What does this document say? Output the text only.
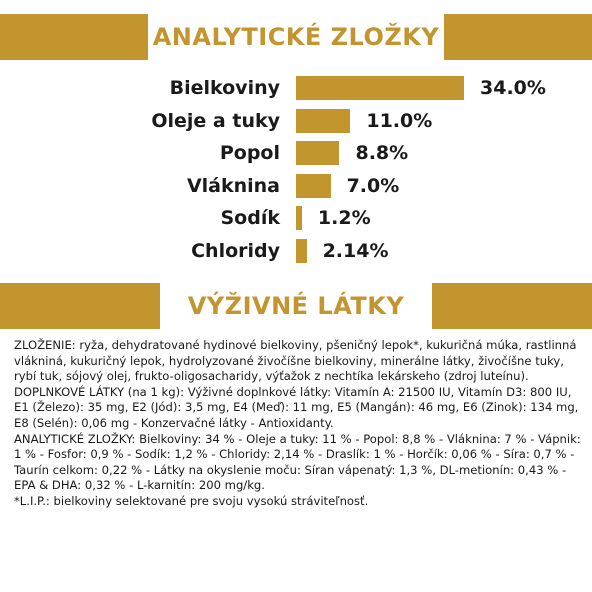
ANALYTICKÉ ZLOŽKY
Bielkoviny	34.0%
Oleje a tuky	11.0%
Popol	8.8%
Vláknina	7.0%
Sodík 1.2%
Chloridy 2.14%
VÝŽIVNÉ LÁTKY

ZLOŽENIE: ryža, dehydratované hydinové bielkoviny, pšeničný lepok*, kukuričná múka, rastlinná vlákniná, kukuričný lepok, hydrolyzované živočíšne bielkoviny, minerálne látky, živočíšne tuky, rybí tuk, sójový olej, frukto-oligosacharidy, výťažok z nechtíka lekárskeho (zdroj luteínu).

DOPLNKOVÉ LÁTKY (na 1 kg): Výživné doplnkové látky: Vitamín A: 21500 IU, Vitamín D3: 800 IU, E1 (Železo): 35 mg, E2 (Jód): 3,5 mg, E4 (Meď): 11 mg, E5 (Mangán): 46 mg, E6 (Zinok): 134 mg, E8 (Selén): 0,06 mg - Konzervačné látky - Antioxidanty.

ANALYTICKÉ ZLOŽKY: Bielkoviny: 34 % - Oleje a tuky: 11 % - Popol: 8,8 % - Vláknina: 7 % - Vápnik: 1 % - Fosfor: 0,9 % - Sodík: 1,2 % - Chloridy: 2,14 % - Draslík: 1 % - Horčík: 0,06 % - Síra: 0,7 % - Taurín celkom: 0,22 % - Látky na okyslenie moču: Síran vápenatý: 1,3 %, DL-metionín: 0,43 % - EPA & DHA: 0,32 % - L-karnitín: 200 mg/kg.

*L.I.P.: bielkoviny selektované pre svoju vysokú stráviteľnosť.
